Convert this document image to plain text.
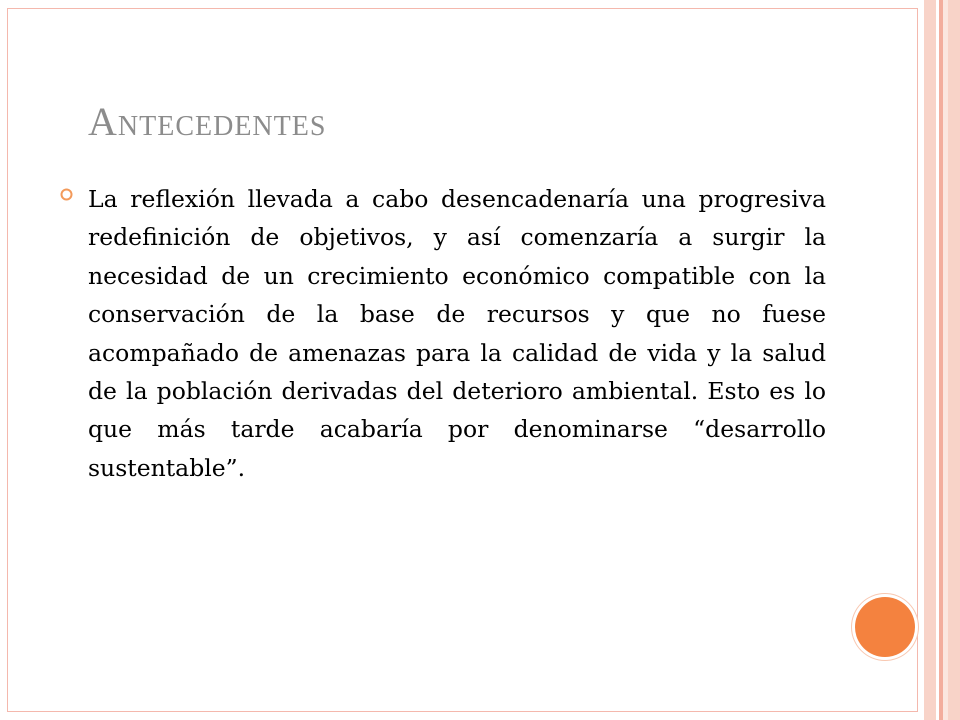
Antecedentes

La reflexión llevada a cabo desencadenaría una progresiva redefinición de objetivos, y así comenzaría a surgir la necesidad de un crecimiento económico compatible con la conservación de la base de recursos y que no fuese acompañado de amenazas para la calidad de vida y la salud de la población derivadas del deterioro ambiental. Esto es lo que más tarde acabaría por denominarse “desarrollo sustentable”.
